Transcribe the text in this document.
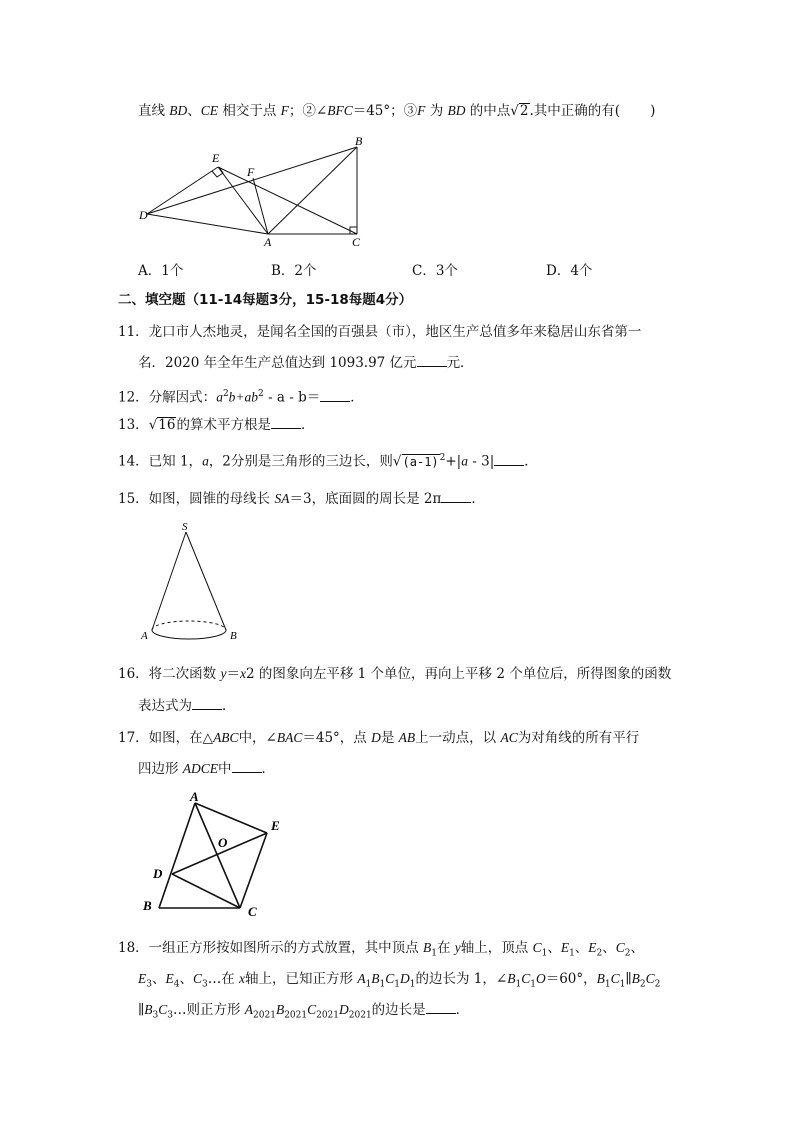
直线 BD、CE 相交于点 F；②∠BFC＝45°；③F 为 BD 的中点√2.其中正确的有( )
E
F
B
D
A	C
A．1个	B．2个	C．3个	D．4个
二、填空题（11-14每题3分，15-18每题4分）
11．龙口市人杰地灵，是闻名全国的百强县（市），地区生产总值多年来稳居山东省第一
名．2020 年全年生产总值达到 1093.97 亿元 元．
12．分解因式：$a^2b+ab^2 - a - b=$ ．
13．√16的算术平方根是 ．
14．已知 1，a，2分别是三角形的三边长，则$√(a-1)^2+|a - 3|$ ．
15．如图，圆锥的母线长 SA＝3，底面圆的周长是 2π ．
S
A	B
16．将二次函数 y＝x2 的图象向左平移 1 个单位，再向上平移 2 个单位后，所得图象的函数
表达式为 ．
17．如图，在△ABC中，∠BAC＝45°，点 D是 AB上一动点，以 AC为对角线的所有平行
四边形 ADCE中 ．
A
E
O
D
B	C
18．一组正方形按如图所示的方式放置，其中顶点 $B_1$在 y轴上，顶点 $C_1$、$E_1$、$E_2$、$C_2$、
$E_3$、$E_4$、$C_3\dots$在 x轴上，已知正方形 $A_1B_1C_1D_1$的边长为 1，$\angle B_1C_1O=60^\circ$，$B_1C_1\parallel B_2C_2$
$\parallel B_3C_3\dots$则正方形 $A_{2021}B_{2021}C_{2021}D_{2021}$的边长是 ．
